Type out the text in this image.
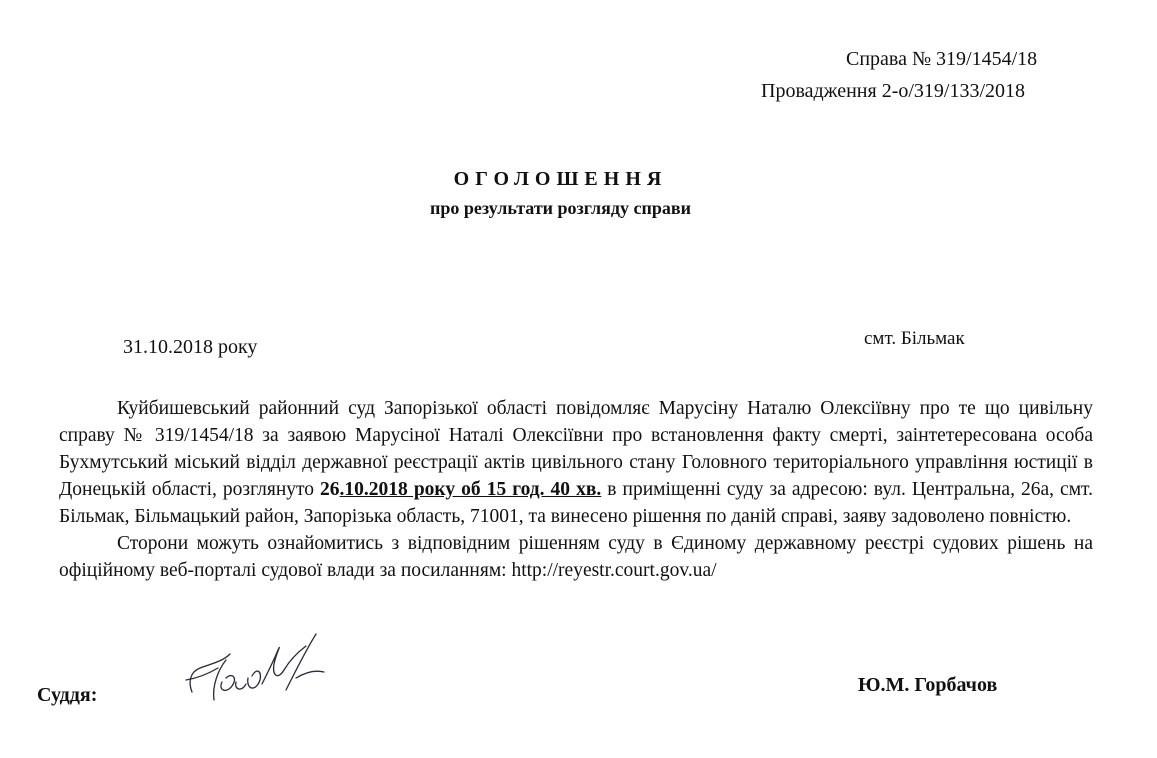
Справа № 319/1454/18
Провадження 2-о/319/133/2018
ОГОЛОШЕННЯ
про результати розгляду справи
31.10.2018 року	смт. Більмак

Куйбишевський районний суд Запорізької області повідомляє Марусіну Наталю Олексіївну про те що цивільну справу № 319/1454/18 за заявою Марусіної Наталі Олексіївни про встановлення факту смерті, заінтетересована особа Бухмутський міський відділ державної реєстрації актів цивільного стану Головного територіального управління юстиції в Донецькій області, розглянуто 26.10.2018 року об 15 год. 40 хв. в приміщенні суду за адресою: вул. Центральна, 26а, смт. Більмак, Більмацький район, Запорізька область, 71001, та винесено рішення по даній справі, заяву задоволено повністю.

Сторони можуть ознайомитись з відповідним рішенням суду в Єдиному державному реєстрі судових рішень на офіційному веб-порталі судової влади за посиланням: http://reyestr.court.gov.ua/

Суддя:	Ю.М. Горбачов
